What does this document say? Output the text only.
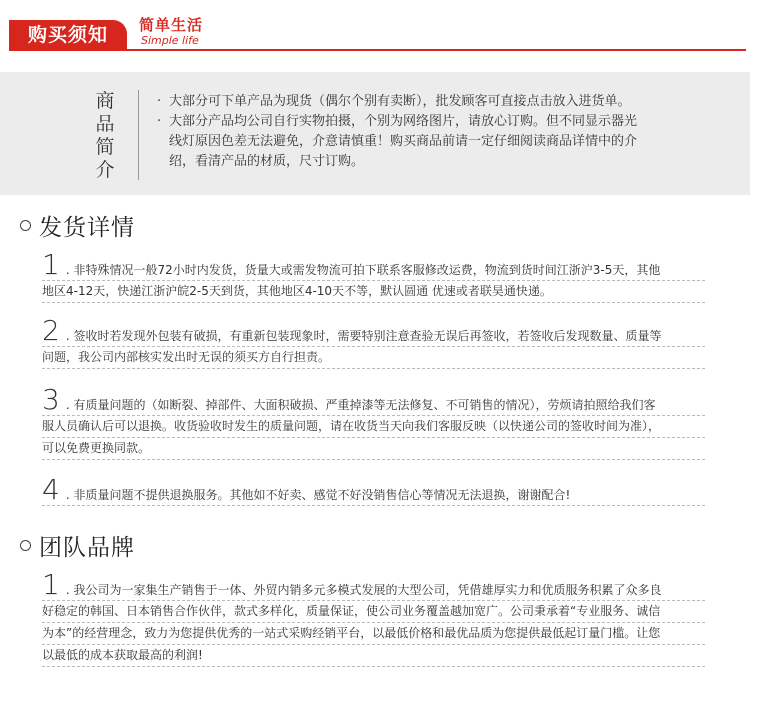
购买须知	简单生活
Simple life
商
品
简
介
· 大部分可下单产品为现货（偶尔个别有卖断），批发顾客可直接点击放入进货单。
· 大部分产品均公司自行实物拍摄，个别为网络图片，请放心订购。但不同显示器光
线灯原因色差无法避免，介意请慎重！购买商品前请一定仔细阅读商品详情中的介
绍，看清产品的材质，尺寸订购。
发货详情
1 . 非特殊情况一般72小时内发货，货量大或需发物流可拍下联系客服修改运费，物流到货时间江浙沪3-5天，其他
地区4-12天，快递江浙沪皖2-5天到货，其他地区4-10天不等，默认圆通 优速或者联昊通快递。
2 . 签收时若发现外包装有破损，有重新包装现象时，需要特别注意查验无误后再签收，若签收后发现数量、质量等
问题，我公司内部核实发出时无误的须买方自行担责。
3 . 有质量问题的（如断裂、掉部件、大面积破损、严重掉漆等无法修复、不可销售的情况），劳烦请拍照给我们客
服人员确认后可以退换。收货验收时发生的质量问题，请在收货当天向我们客服反映（以快递公司的签收时间为准），
可以免费更换同款。
4 . 非质量问题不提供退换服务。其他如不好卖、感觉不好没销售信心等情况无法退换，谢谢配合!
团队品牌
1 . 我公司为一家集生产销售于一体、外贸内销多元多模式发展的大型公司，凭借雄厚实力和优质服务积累了众多良
好稳定的韩国、日本销售合作伙伴，款式多样化，质量保证，使公司业务覆盖越加宽广。公司秉承着“专业服务、诚信
为本”的经营理念，致力为您提供优秀的一站式采购经销平台，以最低价格和最优品质为您提供最低起订量门槛。让您
以最低的成本获取最高的利润!
